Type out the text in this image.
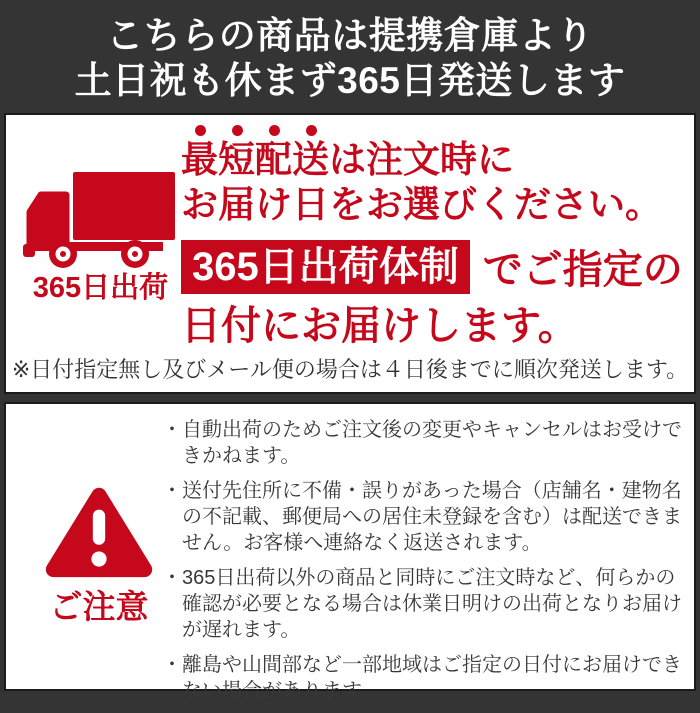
こちらの商品は提携倉庫より
土日祝も休まず365日発送します
365日出荷
最短配送は注文時に
お届け日をお選びください。
365日出荷体制 でご指定の
日付にお届けします。
※日付指定無し及びメール便の場合は４日後までに順次発送します。
ご注意
・自動出荷のためご注文後の変更やキャンセルはお受けできかねます。
・送付先住所に不備・誤りがあった場合（店舗名・建物名の不記載、郵便局への居住未登録を含む）は配送できません。お客様へ連絡なく返送されます。
・365日出荷以外の商品と同時にご注文時など、何らかの確認が必要となる場合は休業日明けの出荷となりお届けが遅れます。
・離島や山間部など一部地域はご指定の日付にお届けできない場合があります。
